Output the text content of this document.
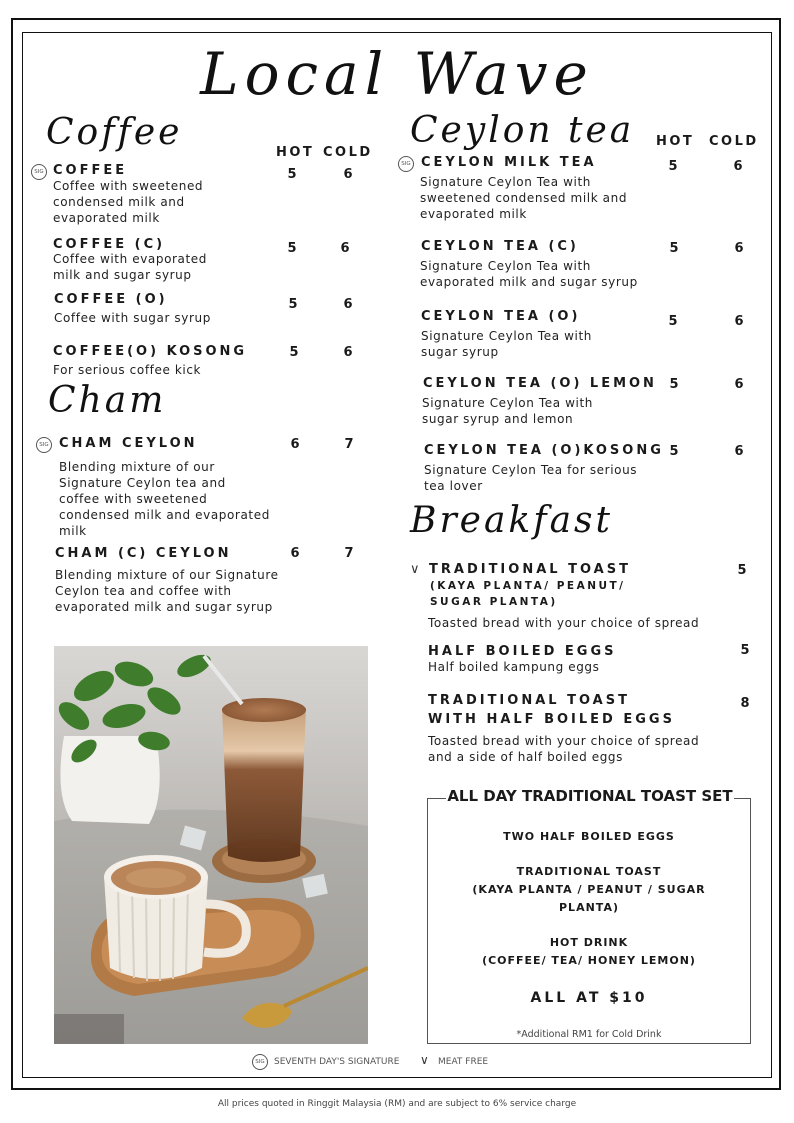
Local Wave
Coffee	HOT COLD
SIG COFFEE
Coffee with sweetened condensed milk and evaporated milk
5	6
COFFEE (C)
Coffee with evaporated milk and sugar syrup
5	6
COFFEE (O)
Coffee with sugar syrup
5	6
COFFEE(O) KOSONG
For serious coffee kick
5	6
Cham
SIG CHAM CEYLON
Blending mixture of our Signature Ceylon tea and coffee with sweetened condensed milk and evaporated milk
6	7
CHAM (C) CEYLON
Blending mixture of our Signature Ceylon tea and coffee with evaporated milk and sugar syrup
6	7
Ceylon tea HOT COLD
SIG CEYLON MILK TEA
Signature Ceylon Tea with sweetened condensed milk and evaporated milk
5	6
CEYLON TEA (C)
Signature Ceylon Tea with evaporated milk and sugar syrup
5	6
CEYLON TEA (O)
Signature Ceylon Tea with sugar syrup
5	6
CEYLON TEA (O) LEMON
Signature Ceylon Tea with sugar syrup and lemon
5	6
CEYLON TEA (O)KOSONG
Signature Ceylon Tea for serious tea lover
5	6
Breakfast
∨ TRADITIONAL TOAST
(KAYA PLANTA/ PEANUT/
SUGAR PLANTA)
Toasted bread with your choice of spread
5
HALF BOILED EGGS
Half boiled kampung eggs
5
TRADITIONAL TOAST
WITH HALF BOILED EGGS
Toasted bread with your choice of spread and a side of half boiled eggs
8
ALL DAY TRADITIONAL TOAST SET
TWO HALF BOILED EGGS
TRADITIONAL TOAST
(KAYA PLANTA / PEANUT / SUGAR
PLANTA)
HOT DRINK
(COFFEE/ TEA/ HONEY LEMON)
ALL AT $10
*Additional RM1 for Cold Drink
SIG	SEVENTH DAY'S SIGNATURE ∨ MEAT FREE
All prices quoted in Ringgit Malaysia (RM) and are subject to 6% service charge
